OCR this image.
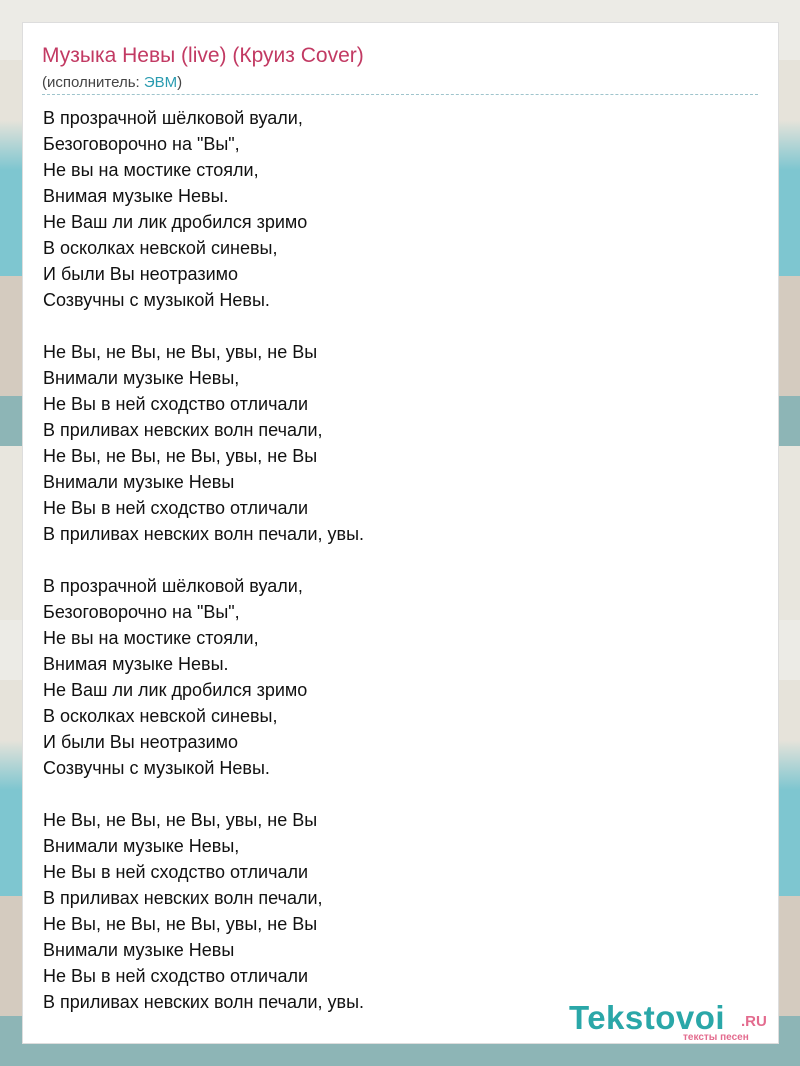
Музыка Невы (live) (Круиз Cover)
(исполнитель: ЭВМ)
В прозрачной шёлковой вуали,
Безоговорочно на "Вы",
Не вы на мостике стояли,
Внимая музыке Невы.
Не Ваш ли лик дробился зримо
В осколках невской синевы,
И были Вы неотразимо
Созвучны с музыкой Невы.
Не Вы, не Вы, не Вы, увы, не Вы
Внимали музыке Невы,
Не Вы в ней сходство отличали
В приливах невских волн печали,
Не Вы, не Вы, не Вы, увы, не Вы
Внимали музыке Невы
Не Вы в ней сходство отличали
В приливах невских волн печали, увы.
В прозрачной шёлковой вуали,
Безоговорочно на "Вы",
Не вы на мостике стояли,
Внимая музыке Невы.
Не Ваш ли лик дробился зримо
В осколках невской синевы,
И были Вы неотразимо
Созвучны с музыкой Невы.
Не Вы, не Вы, не Вы, увы, не Вы
Внимали музыке Невы,
Не Вы в ней сходство отличали
В приливах невских волн печали,
Не Вы, не Вы, не Вы, увы, не Вы
Внимали музыке Невы
Не Вы в ней сходство отличали
В приливах невских волн печали, увы.	Tekstovoi .RU
тексты песен
